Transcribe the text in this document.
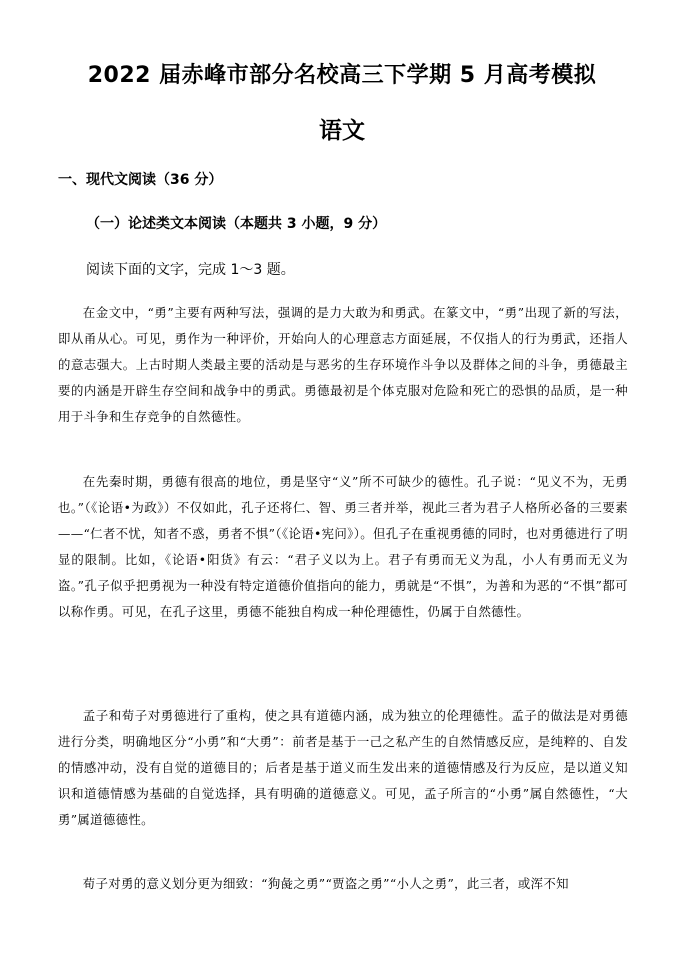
2022 届赤峰市部分名校高三下学期 5 月高考模拟
语文
一、现代文阅读（36 分）
（一）论述类文本阅读（本题共 3 小题，9 分）

阅读下面的文字，完成 1～3 题。

在金文中，“勇”主要有两种写法，强调的是力大敢为和勇武。在篆文中，“勇”出现了新的写法，即从甬从心。可见，勇作为一种评价，开始向人的心理意志方面延展，不仅指人的行为勇武，还指人的意志强大。上古时期人类最主要的活动是与恶劣的生存环境作斗争以及群体之间的斗争，勇德最主要的内涵是开辟生存空间和战争中的勇武。勇德最初是个体克服对危险和死亡的恐惧的品质，是一种用于斗争和生存竞争的自然德性。

在先秦时期，勇德有很高的地位，勇是坚守“义”所不可缺少的德性。孔子说：“见义不为，无勇也。”（《论语•为政》）不仅如此，孔子还将仁、智、勇三者并举，视此三者为君子人格所必备的三要素——“仁者不忧，知者不惑，勇者不惧”（《论语•宪问》）。但孔子在重视勇德的同时，也对勇德进行了明显的限制。比如，《论语•阳货》有云：“君子义以为上。君子有勇而无义为乱，小人有勇而无义为盗。”孔子似乎把勇视为一种没有特定道德价值指向的能力，勇就是“不惧”，为善和为恶的“不惧”都可以称作勇。可见，在孔子这里，勇德不能独自构成一种伦理德性，仍属于自然德性。

孟子和荀子对勇德进行了重构，使之具有道德内涵，成为独立的伦理德性。孟子的做法是对勇德进行分类，明确地区分“小勇”和“大勇”：前者是基于一己之私产生的自然情感反应，是纯粹的、自发的情感冲动，没有自觉的道德目的；后者是基于道义而生发出来的道德情感及行为反应，是以道义知识和道德情感为基础的自觉选择，具有明确的道德意义。可见，孟子所言的“小勇”属自然德性，“大勇”属道德德性。

荀子对勇的意义划分更为细致：“狗彘之勇”“贾盗之勇”“小人之勇”，此三者，或浑不知
